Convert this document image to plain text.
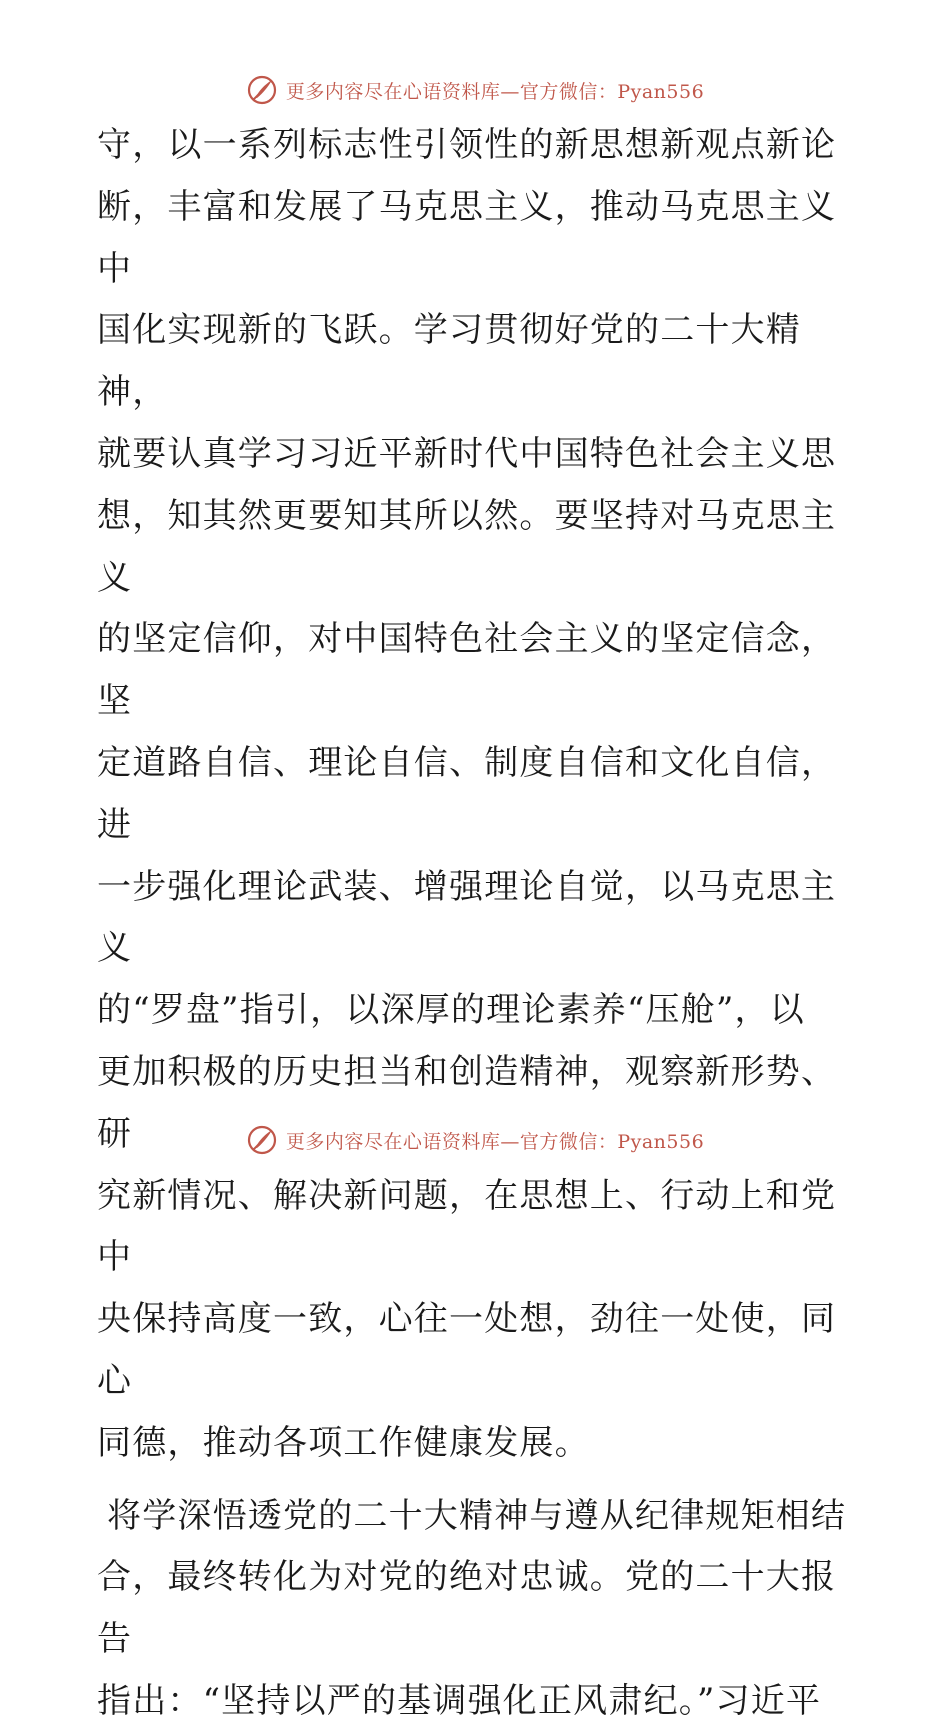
更多内容尽在心语资料库—官方微信：Pyan556

守，以一系列标志性引领性的新思想新观点新论

断，丰富和发展了马克思主义，推动马克思主义中

国化实现新的飞跃。学习贯彻好党的二十大精神，

就要认真学习习近平新时代中国特色社会主义思

想，知其然更要知其所以然。要坚持对马克思主义

的坚定信仰，对中国特色社会主义的坚定信念，坚

定道路自信、理论自信、制度自信和文化自信，进

一步强化理论武装、增强理论自觉，以马克思主义

的“罗盘”指引，以深厚的理论素养“压舱”，以

更加积极的历史担当和创造精神，观察新形势、研

究新情况、解决新问题，在思想上、行动上和党中

央保持高度一致，心往一处想，劲往一处使，同心

同德，推动各项工作健康发展。

将学深悟透党的二十大精神与遵从纪律规矩相结

合，最终转化为对党的绝对忠诚。党的二十大报告

指出：“坚持以严的基调强化正风肃纪。”习近平

更多内容尽在心语资料库—官方微信：Pyan556
